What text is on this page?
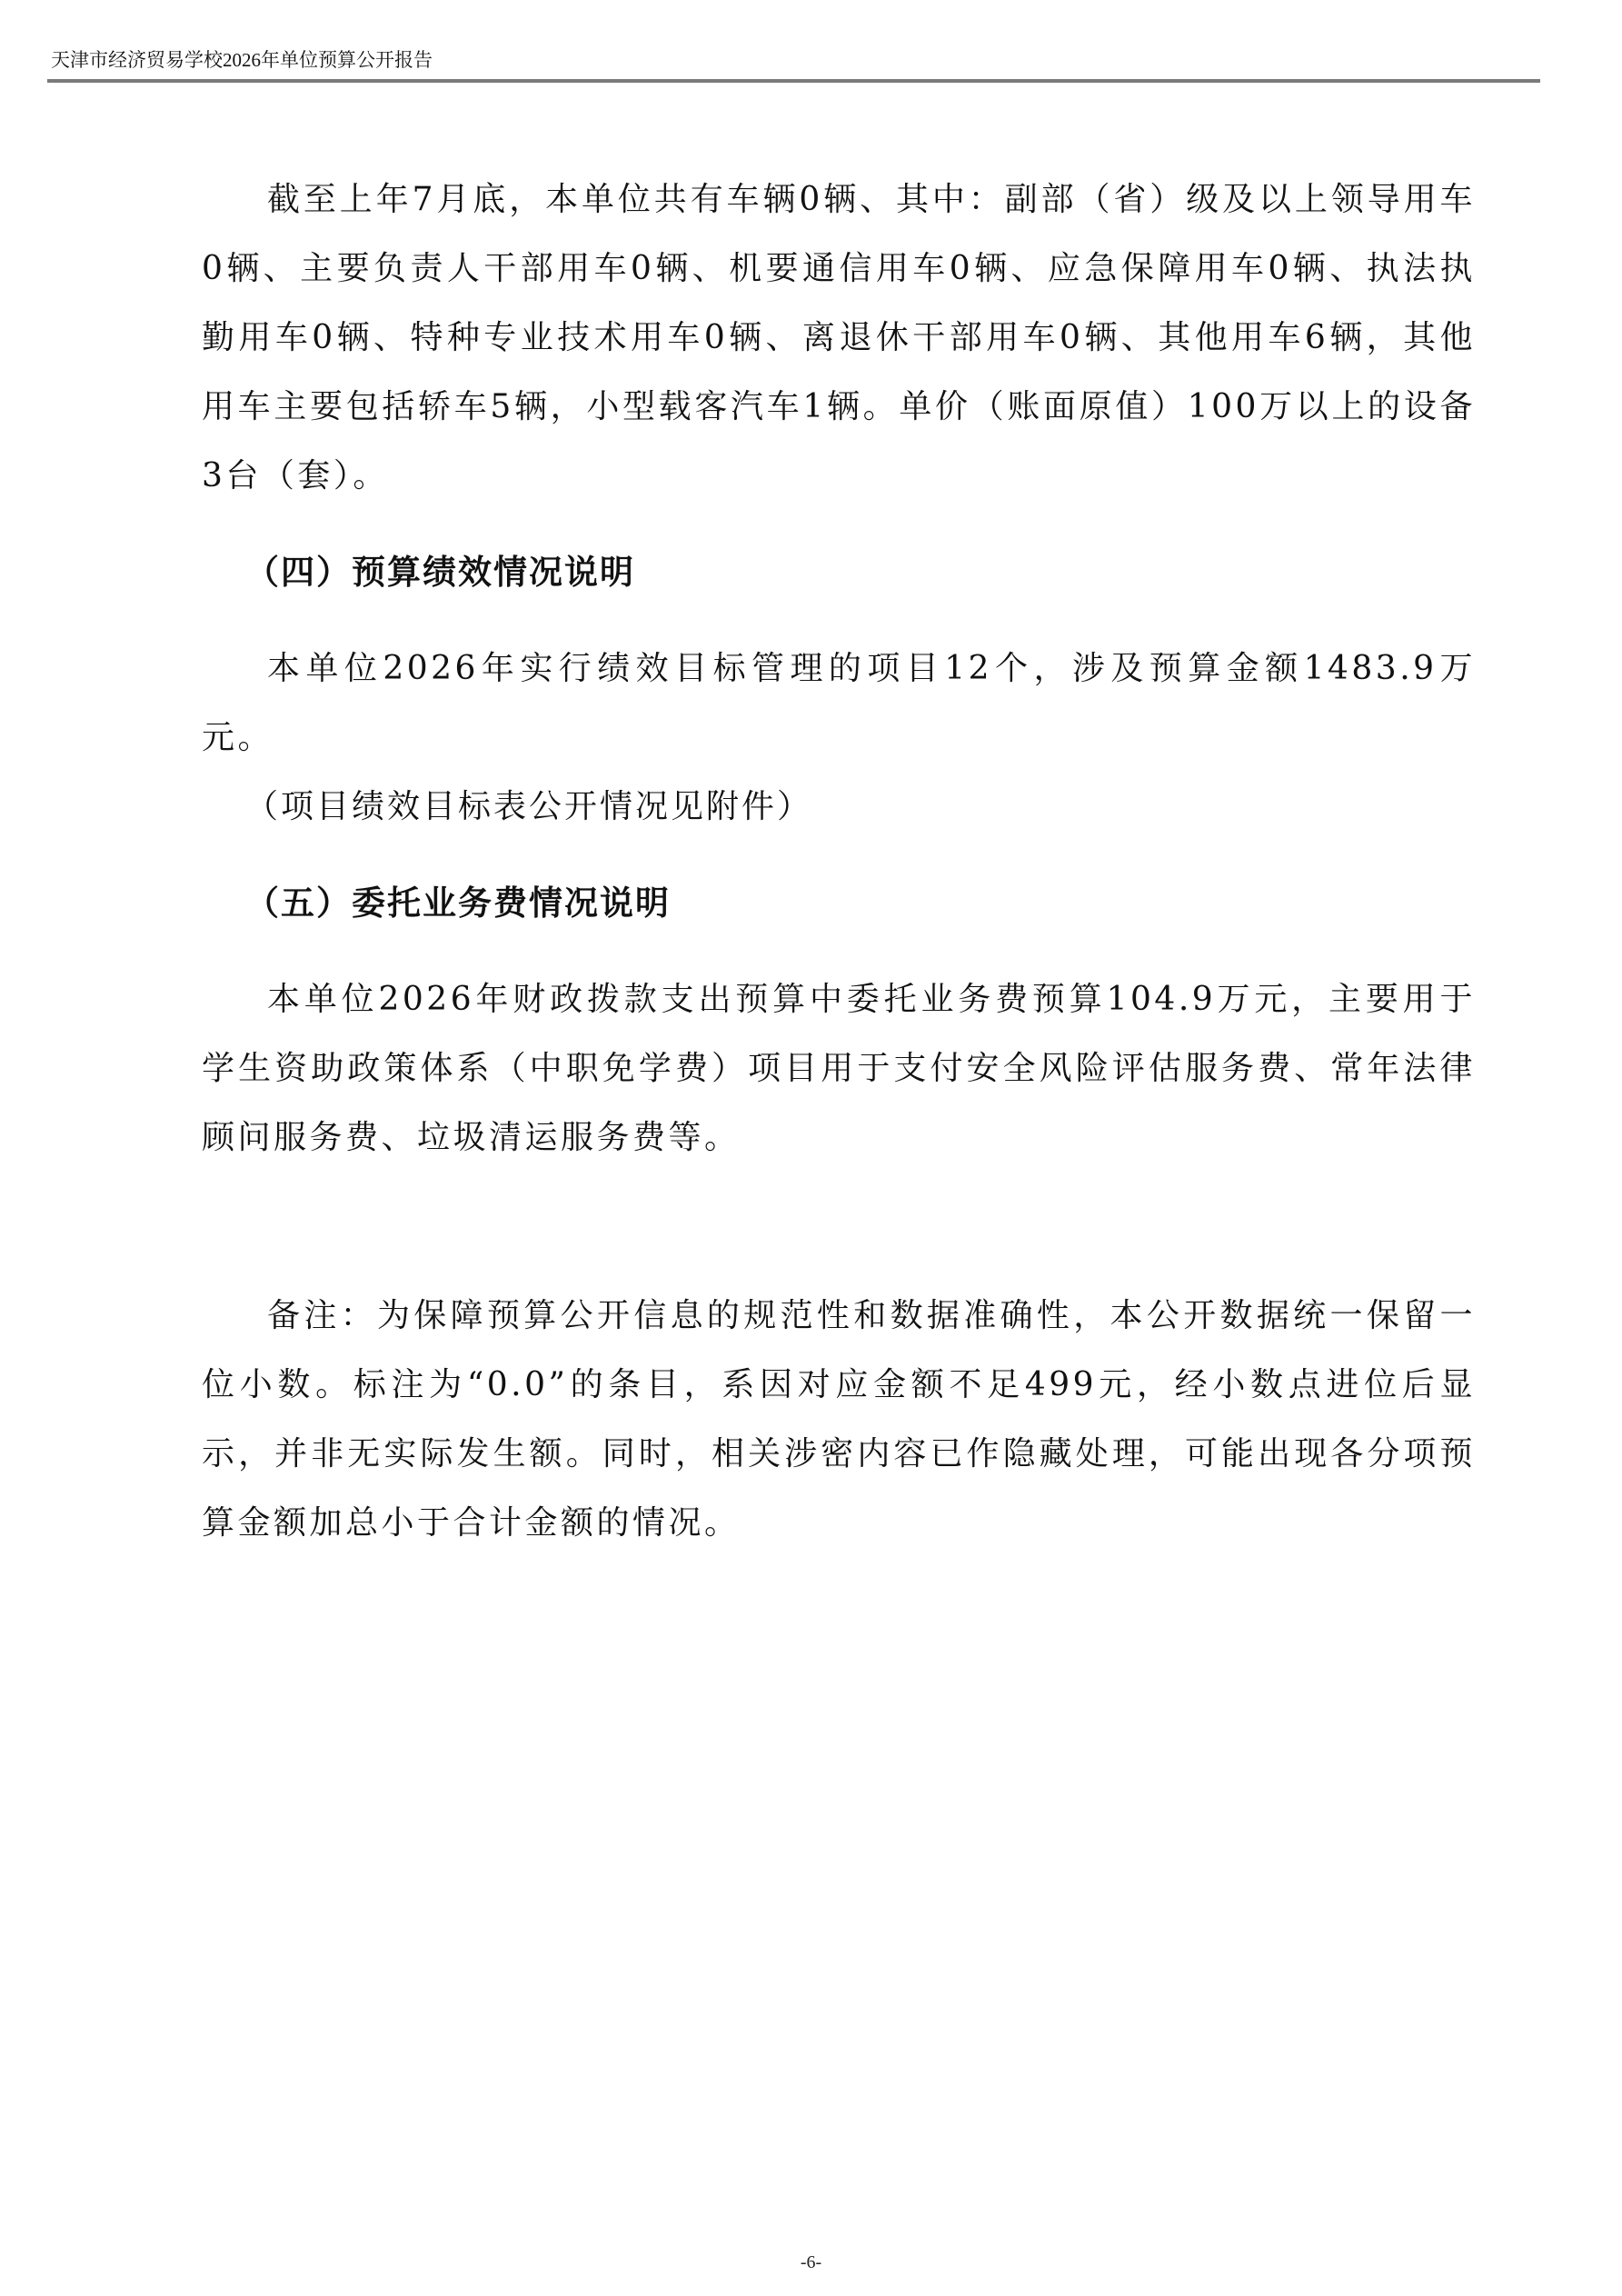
天津市经济贸易学校2026年单位预算公开报告

截至上年7月底，本单位共有车辆0辆、其中：副部（省）级及以上领导用车0辆、主要负责人干部用车0辆、机要通信用车0辆、应急保障用车0辆、执法执勤用车0辆、特种专业技术用车0辆、离退休干部用车0辆、其他用车6辆，其他用车主要包括轿车5辆，小型载客汽车1辆。单价（账面原值）100万以上的设备3台（套）。

（四）预算绩效情况说明

本单位2026年实行绩效目标管理的项目12个，涉及预算金额1483.9万元。

（项目绩效目标表公开情况见附件）

（五）委托业务费情况说明

本单位2026年财政拨款支出预算中委托业务费预算104.9万元，主要用于学生资助政策体系（中职免学费）项目用于支付安全风险评估服务费、常年法律顾问服务费、垃圾清运服务费等。

备注：为保障预算公开信息的规范性和数据准确性，本公开数据统一保留一位小数。标注为“0.0”的条目，系因对应金额不足499元，经小数点进位后显示，并非无实际发生额。同时，相关涉密内容已作隐藏处理，可能出现各分项预算金额加总小于合计金额的情况。

-6-
